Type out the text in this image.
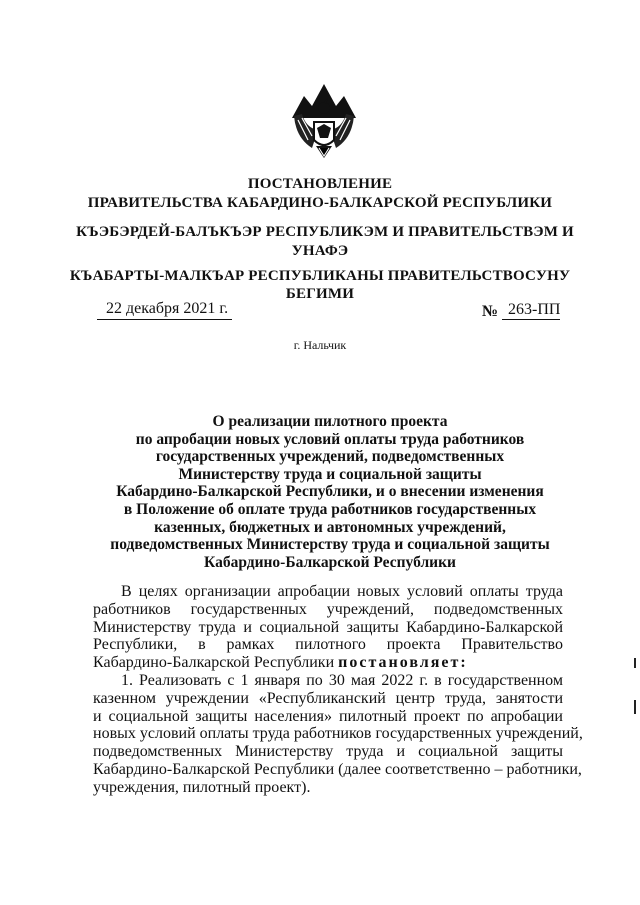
ПОСТАНОВЛЕНИЕ
ПРАВИТЕЛЬСТВА КАБАРДИНО-БАЛКАРСКОЙ РЕСПУБЛИКИ
КЪЭБЭРДЕЙ-БАЛЪКЪЭР РЕСПУБЛИКЭМ И ПРАВИТЕЛЬСТВЭМ И
УНАФЭ
КЪАБАРТЫ-МАЛКЪАР РЕСПУБЛИКАНЫ ПРАВИТЕЛЬСТВОСУНУ
БЕГИМИ
22 декабря 2021 г.	№ 263-ПП
г. Нальчик
О реализации пилотного проекта
по апробации новых условий оплаты труда работников
государственных учреждений, подведомственных
Министерству труда и социальной защиты
Кабардино-Балкарской Республики, и о внесении изменения
в Положение об оплате труда работников государственных
казенных, бюджетных и автономных учреждений,
подведомственных Министерству труда и социальной защиты
Кабардино-Балкарской Республики
В целях организации апробации новых условий оплаты труда
работников государственных учреждений, подведомственных
Министерству труда и социальной защиты Кабардино-Балкарской
Республики, в рамках пилотного проекта Правительство
Кабардино-Балкарской Республики постановляет:
1. Реализовать с 1 января по 30 мая 2022 г. в государственном
казенном учреждении «Республиканский центр труда, занятости
и социальной защиты населения» пилотный проект по апробации
новых условий оплаты труда работников государственных учреждений,
подведомственных Министерству труда и социальной защиты
Кабардино-Балкарской Республики (далее соответственно – работники,
учреждения, пилотный проект).
